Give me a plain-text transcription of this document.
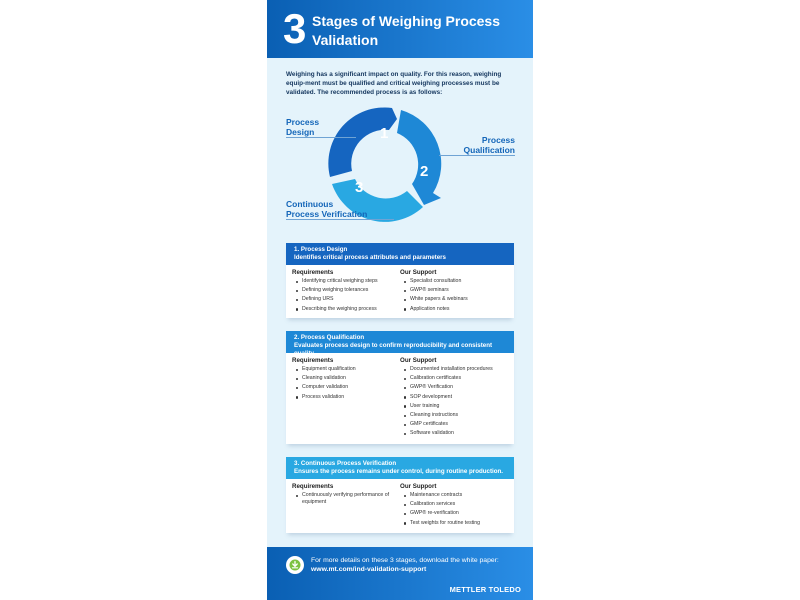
3 Stages of Weighing Process
Validation
Weighing has a significant impact on quality. For this reason, weighing equip-ment must be qualified and critical weighing processes must be validated. The recommended process is as follows:
1
2
3
Process
Design
Process
Qualification
Continuous
Process Verification
1. Process Design
Identifies critical process attributes and parameters
Requirements
Identifying critical weighing steps
Defining weighing tolerances
Defining URS
Describing the weighing process
Our Support
Specialist consultation
GWP® seminars
White papers & webinars
Application notes
2. Process Qualification
Evaluates process design to confirm reproducibility and consistent quality.
Requirements
Equipment qualification
Cleaning validation
Computer validation
Process validation
Our Support
Documented installation procedures
Calibration certificates
GWP® Verification
SOP development
User training
Cleaning instructions
GMP certificates
Software validation
3. Continuous Process Verification
Ensures the process remains under control, during routine production.
Requirements
Continuously verifying performance of equipment
Our Support
Maintenance contracts
Calibration services
GWP® re-verification
Test weights for routine testing
For more details on these 3 stages, download the white paper:
www.mt.com/ind-validation-support
METTLER TOLEDO
